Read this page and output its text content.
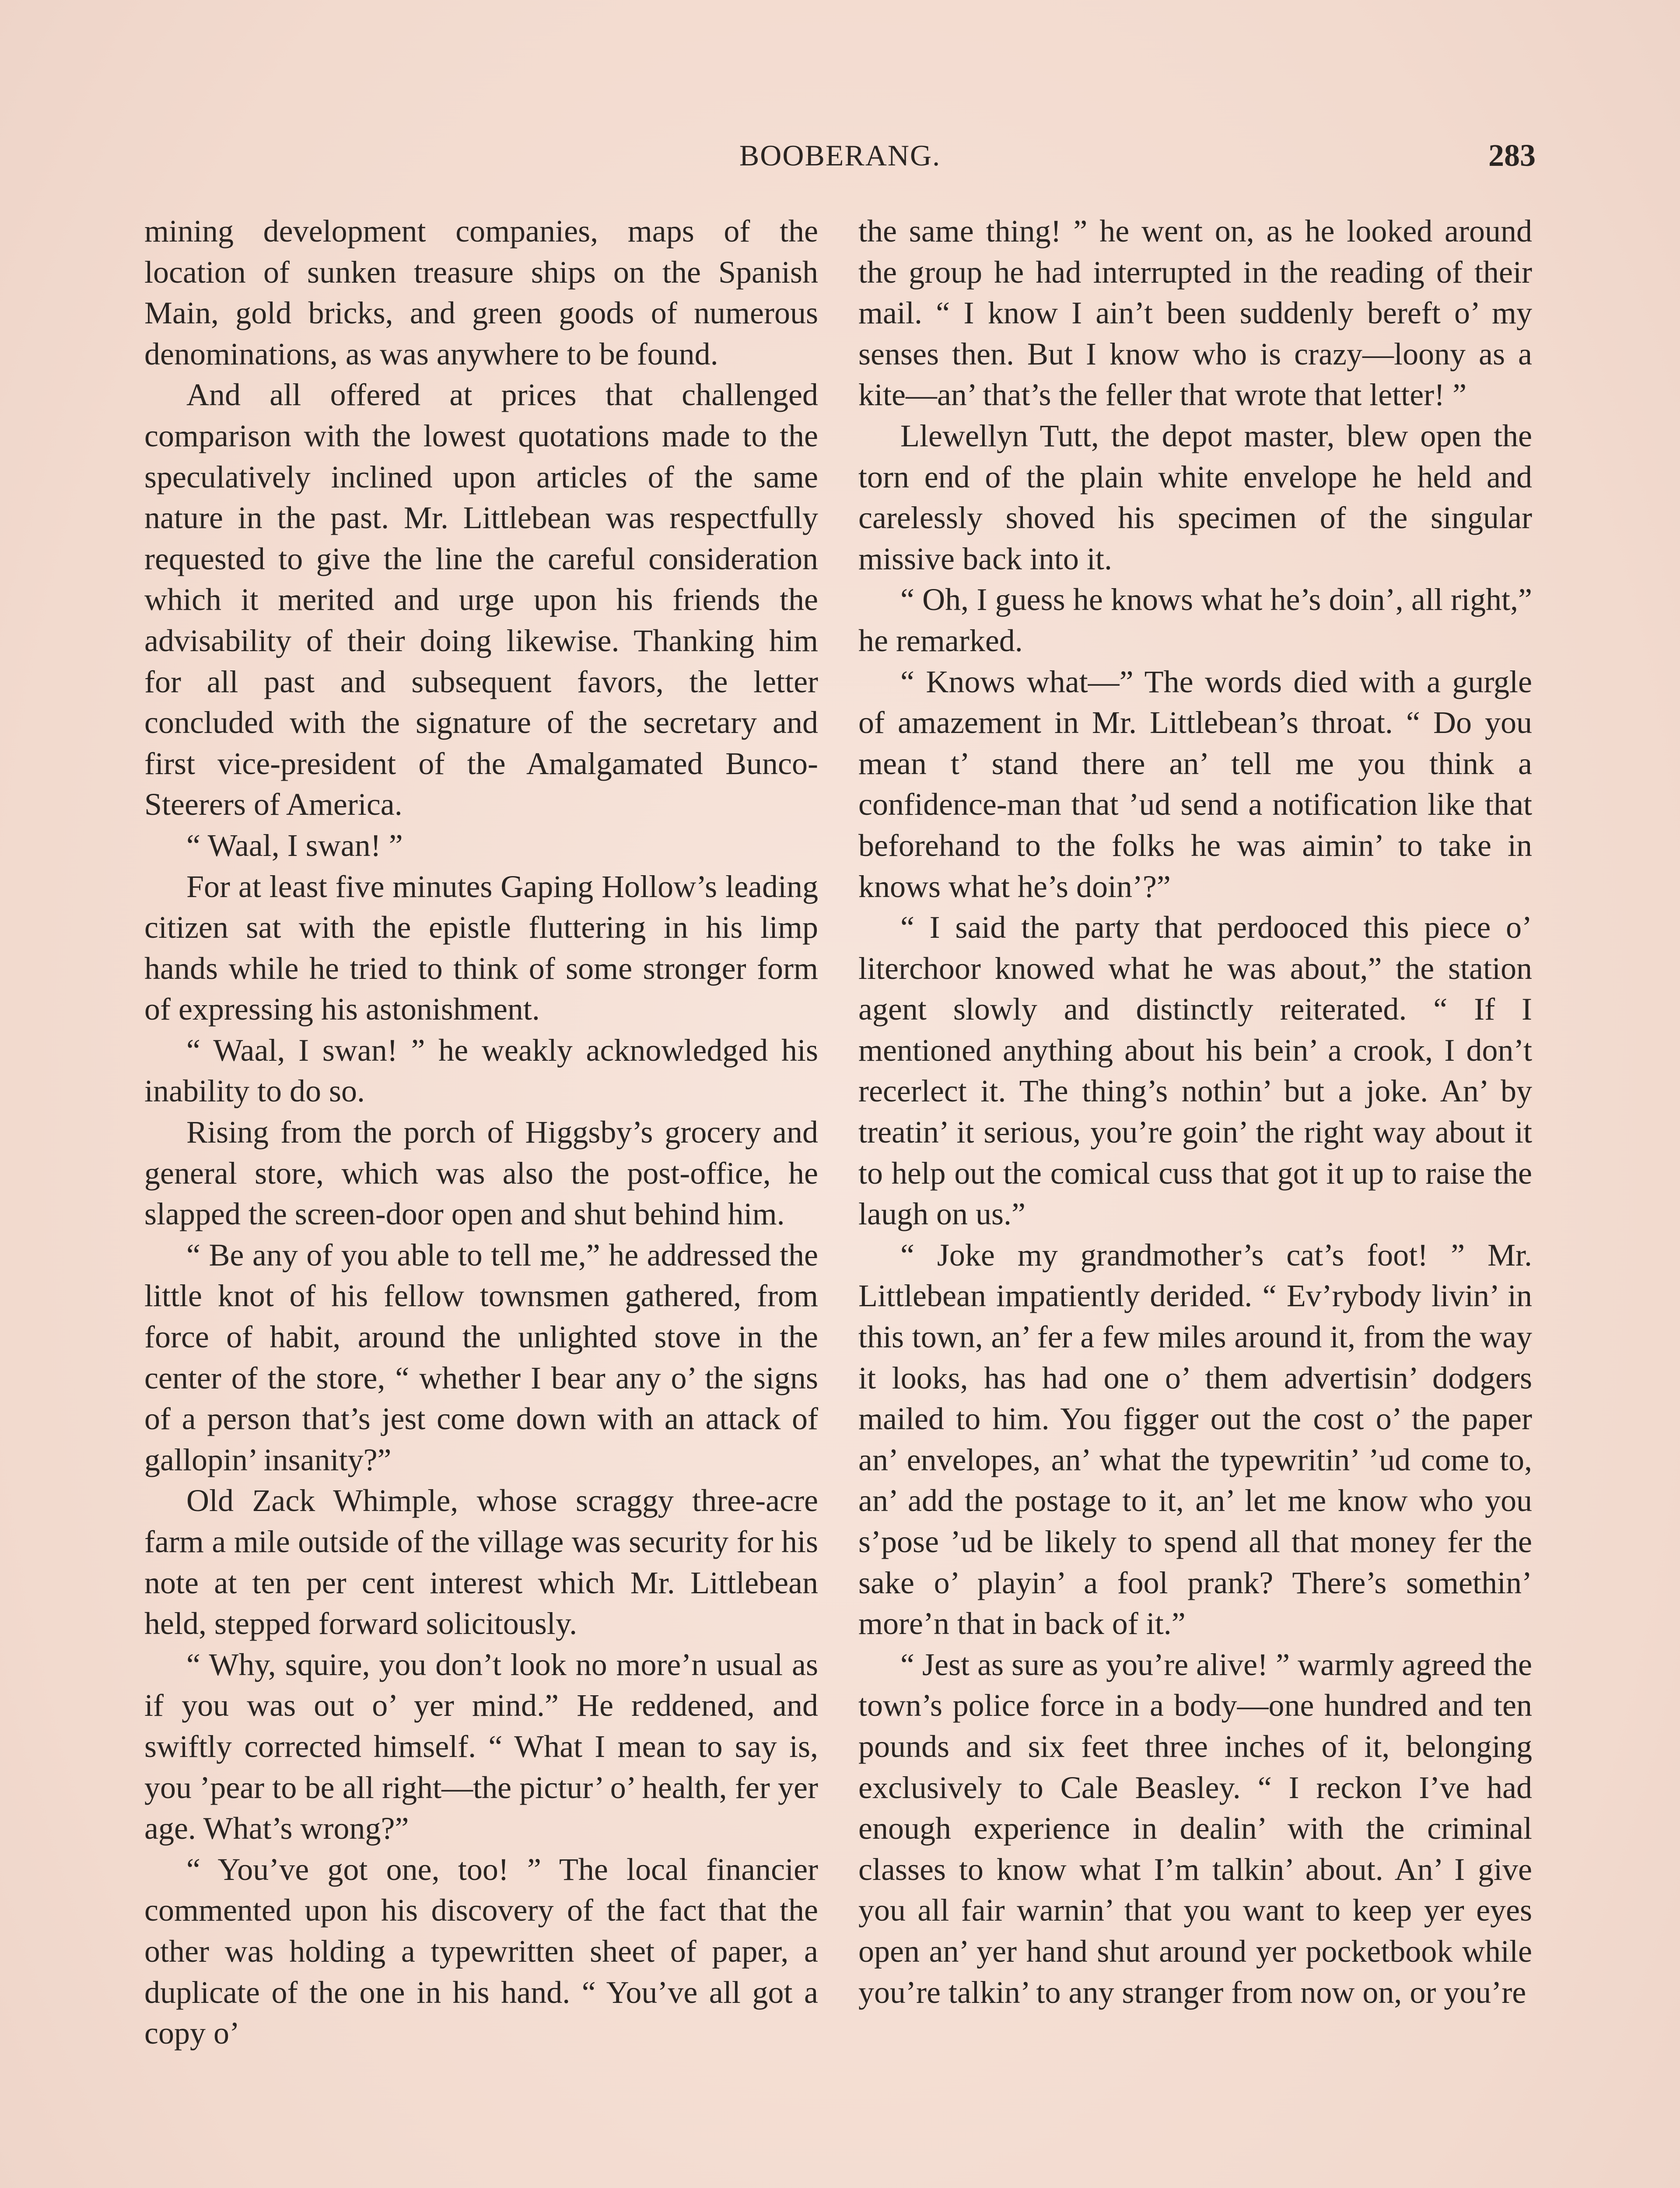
BOOBERANG.	283

mining development companies, maps of the location of sunken treasure ships on the Spanish Main, gold bricks, and green goods of numerous denominations, as was anywhere to be found.

And all offered at prices that challenged comparison with the lowest quotations made to the speculatively inclined upon articles of the same nature in the past. Mr. Littlebean was respectfully requested to give the line the careful consideration which it merited and urge upon his friends the advisability of their doing likewise. Thanking him for all past and subsequent favors, the letter concluded with the signature of the secretary and first vice-president of the Amalgamated Bunco-Steerers of America.

“ Waal, I swan! ”

For at least five minutes Gaping Hollow’s leading citizen sat with the epistle fluttering in his limp hands while he tried to think of some stronger form of expressing his astonishment.

“ Waal, I swan! ” he weakly acknowledged his inability to do so.

Rising from the porch of Higgsby’s grocery and general store, which was also the post-office, he slapped the screen-door open and shut behind him.

“ Be any of you able to tell me,” he addressed the little knot of his fellow townsmen gathered, from force of habit, around the unlighted stove in the center of the store, “ whether I bear any o’ the signs of a person that’s jest come down with an attack of gallopin’ insanity?”

Old Zack Whimple, whose scraggy three-acre farm a mile outside of the village was security for his note at ten per cent interest which Mr. Littlebean held, stepped forward solicitously.

“ Why, squire, you don’t look no more’n usual as if you was out o’ yer mind.” He reddened, and swiftly corrected himself. “ What I mean to say is, you ’pear to be all right—the pictur’ o’ health, fer yer age. What’s wrong?”

“ You’ve got one, too! ” The local financier commented upon his discovery of the fact that the other was holding a typewritten sheet of paper, a duplicate of the one in his hand. “ You’ve all got a copy o’

the same thing! ” he went on, as he looked around the group he had interrupted in the reading of their mail. “ I know I ain’t been suddenly bereft o’ my senses then. But I know who is crazy—loony as a kite—an’ that’s the feller that wrote that letter! ”

Llewellyn Tutt, the depot master, blew open the torn end of the plain white envelope he held and carelessly shoved his specimen of the singular missive back into it.

“ Oh, I guess he knows what he’s doin’, all right,” he remarked.

“ Knows what—” The words died with a gurgle of amazement in Mr. Littlebean’s throat. “ Do you mean t’ stand there an’ tell me you think a confidence-man that ’ud send a notification like that beforehand to the folks he was aimin’ to take in knows what he’s doin’?”

“ I said the party that perdooced this piece o’ literchoor knowed what he was about,” the station agent slowly and distinctly reiterated. “ If I mentioned anything about his bein’ a crook, I don’t recerlect it. The thing’s nothin’ but a joke. An’ by treatin’ it serious, you’re goin’ the right way about it to help out the comical cuss that got it up to raise the laugh on us.”

“ Joke my grandmother’s cat’s foot! ” Mr. Littlebean impatiently derided. “ Ev’rybody livin’ in this town, an’ fer a few miles around it, from the way it looks, has had one o’ them advertisin’ dodgers mailed to him. You figger out the cost o’ the paper an’ envelopes, an’ what the typewritin’ ’ud come to, an’ add the postage to it, an’ let me know who you s’pose ’ud be likely to spend all that money fer the sake o’ playin’ a fool prank? There’s somethin’ more’n that in back of it.”

“ Jest as sure as you’re alive! ” warmly agreed the town’s police force in a body—one hundred and ten pounds and six feet three inches of it, belonging exclusively to Cale Beasley. “ I reckon I’ve had enough experience in dealin’ with the criminal classes to know what I’m talkin’ about. An’ I give you all fair warnin’ that you want to keep yer eyes open an’ yer hand shut around yer pocketbook while you’re talkin’ to any stranger from now on, or you’re
